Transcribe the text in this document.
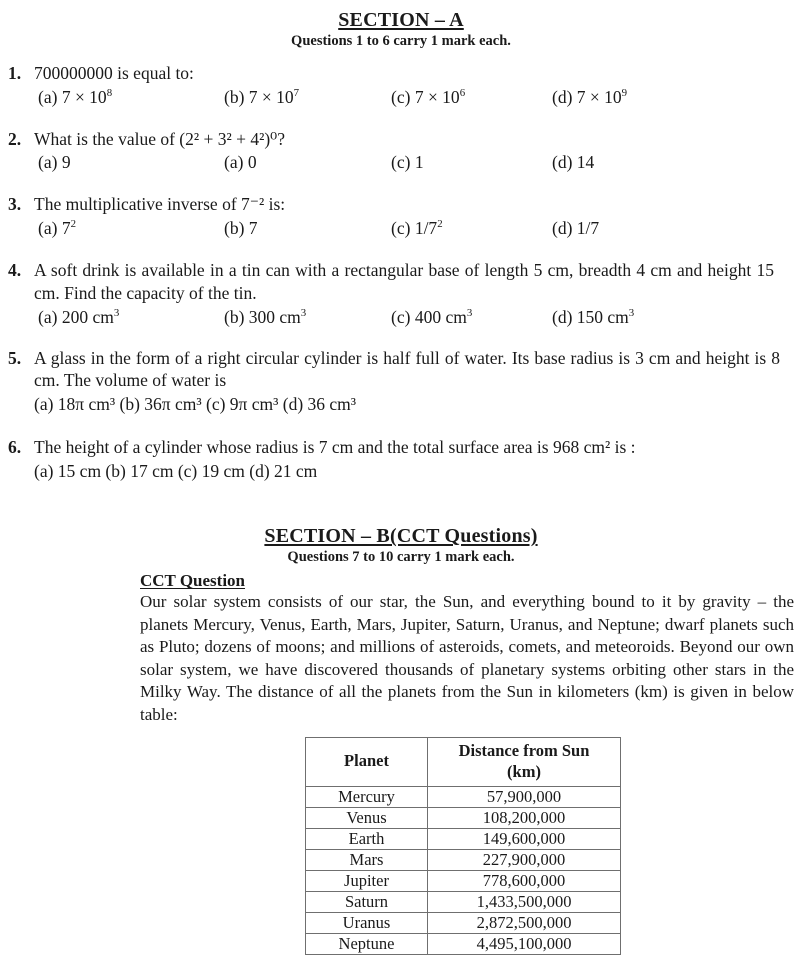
SECTION – A
Questions 1 to 6 carry 1 mark each.
1. 700000000 is equal to:
(a) $7 \times 10^8$	(b) $7 \times 10^7$	(c) $7 \times 10^6$	(d) $7 \times 10^9$
2. What is the value of (2² + 3² + 4²)⁰?
(a) 9	(a) 0	(c) 1	(d) 14
3. The multiplicative inverse of 7⁻² is:
(a) $7^2$	(b) 7	(c) $1/7^2$	(d) 1/7
4. A soft drink is available in a tin can with a rectangular base of length 5 cm, breadth 4 cm and height 15 cm. Find the capacity of the tin.
(a) 200 $cm^3$	(b) 300 $cm^3$	(c) 400 $cm^3$	(d) 150 $cm^3$
5. A glass in the form of a right circular cylinder is half full of water. Its base radius is 3 cm and height is 8 cm. The volume of water is
(a) 18π cm³ (b) 36π cm³ (c) 9π cm³ (d) 36 cm³
6. The height of a cylinder whose radius is 7 cm and the total surface area is 968 cm² is :
(a) 15 cm (b) 17 cm (c) 19 cm (d) 21 cm
SECTION – B(CCT Questions)
Questions 7 to 10 carry 1 mark each.
CCT Question
Our solar system consists of our star, the Sun, and everything bound to it by gravity – the planets Mercury, Venus, Earth, Mars, Jupiter, Saturn, Uranus, and Neptune; dwarf planets such as Pluto; dozens of moons; and millions of asteroids, comets, and meteoroids. Beyond our own solar system, we have discovered thousands of planetary systems orbiting other stars in the Milky Way. The distance of all the planets from the Sun in kilometers (km) is given in below table:
Planet	Distance from Sun
(km)
Mercury	57,900,000
Venus	108,200,000
Earth	149,600,000
Mars	227,900,000
Jupiter	778,600,000
Saturn	1,433,500,000
Uranus	2,872,500,000
Neptune	4,495,100,000
